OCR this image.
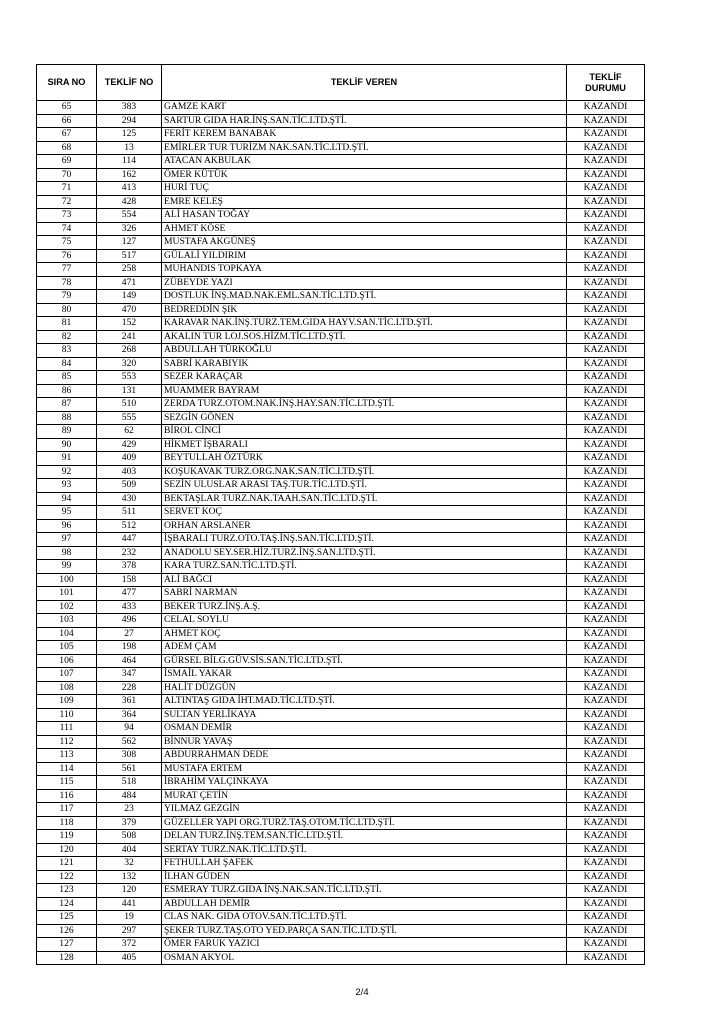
SIRA NO	TEKLİF NO	TEKLİF VEREN	TEKLİF
DURUMU
65	383	GAMZE KART	KAZANDI
66	294	SARTUR GIDA HAR.İNŞ.SAN.TİC.LTD.ŞTİ.	KAZANDI
67	125	FERİT KEREM BANABAK	KAZANDI
68	13	EMİRLER TUR TURİZM NAK.SAN.TİC.LTD.ŞTİ.	KAZANDI
69	114	ATACAN AKBULAK	KAZANDI
70	162	ÖMER KÜTÜK	KAZANDI
71	413	HURİ TUÇ	KAZANDI
72	428	EMRE KELEŞ	KAZANDI
73	554	ALİ HASAN TOĞAY	KAZANDI
74	326	AHMET KÖSE	KAZANDI
75	127	MUSTAFA AKGÜNEŞ	KAZANDI
76	517	GÜLALİ YILDIRIM	KAZANDI
77	258	MUHANDIS TOPKAYA	KAZANDI
78	471	ZÜBEYDE YAZI	KAZANDI
79	149	DOSTLUK İNŞ.MAD.NAK.EML.SAN.TİC.LTD.ŞTİ.	KAZANDI
80	470	BEDREDDİN ŞIK	KAZANDI
81	152	KARAVAR NAK.İNŞ.TURZ.TEM.GIDA HAYV.SAN.TİC.LTD.ŞTİ.	KAZANDI
82	241	AKALIN TUR LOJ.SOS.HİZM.TİC.LTD.ŞTİ.	KAZANDI
83	268	ABDULLAH TÜRKOĞLU	KAZANDI
84	320	SABRİ KARABIYIK	KAZANDI
85	553	SEZER KARAÇAR	KAZANDI
86	131	MUAMMER BAYRAM	KAZANDI
87	510	ZERDA TURZ.OTOM.NAK.İNŞ.HAY.SAN.TİC.LTD.ŞTİ.	KAZANDI
88	555	SEZGİN GÖNEN	KAZANDI
89	62	BİROL CİNCİ	KAZANDI
90	429	HİKMET İŞBARALI	KAZANDI
91	409	BEYTULLAH ÖZTÜRK	KAZANDI
92	403	KOŞUKAVAK TURZ.ORG.NAK.SAN.TİC.LTD.ŞTİ.	KAZANDI
93	509	SEZİN ULUSLAR ARASI TAŞ.TUR.TİC.LTD.ŞTİ.	KAZANDI
94	430	BEKTAŞLAR TURZ.NAK.TAAH.SAN.TİC.LTD.ŞTİ.	KAZANDI
95	511	SERVET KOÇ	KAZANDI
96	512	ORHAN ARSLANER	KAZANDI
97	447	İŞBARALI TURZ.OTO.TAŞ.İNŞ.SAN.TİC.LTD.ŞTİ.	KAZANDI
98	232	ANADOLU SEY.SER.HİZ.TURZ.İNŞ.SAN.LTD.ŞTİ.	KAZANDI
99	378	KARA TURZ.SAN.TİC.LTD.ŞTİ.	KAZANDI
100	158	ALİ BAĞCI	KAZANDI
101	477	SABRİ NARMAN	KAZANDI
102	433	BEKER TURZ.İNŞ.A.Ş.	KAZANDI
103	496	CELAL SOYLU	KAZANDI
104	27	AHMET KOÇ	KAZANDI
105	198	ADEM ÇAM	KAZANDI
106	464	GÜRSEL BİLG.GÜV.SİS.SAN.TİC.LTD.ŞTİ.	KAZANDI
107	347	İSMAİL YAKAR	KAZANDI
108	228	HALİT DÜZGÜN	KAZANDI
109	361	ALTINTAŞ GIDA İHT.MAD.TİC.LTD.ŞTİ.	KAZANDI
110	364	SULTAN YERLİKAYA	KAZANDI
111	94	OSMAN DEMİR	KAZANDI
112	562	BİNNUR YAVAŞ	KAZANDI
113	308	ABDURRAHMAN DEDE	KAZANDI
114	561	MUSTAFA ERTEM	KAZANDI
115	518	İBRAHİM YALÇINKAYA	KAZANDI
116	484	MURAT ÇETİN	KAZANDI
117	23	YILMAZ GEZGİN	KAZANDI
118	379	GÜZELLER YAPI ORG.TURZ.TAŞ.OTOM.TİC.LTD.ŞTİ.	KAZANDI
119	508	DELAN TURZ.İNŞ.TEM.SAN.TİC.LTD.ŞTİ.	KAZANDI
120	404	SERTAY TURZ.NAK.TİC.LTD.ŞTİ.	KAZANDI
121	32	FETHULLAH ŞAFEK	KAZANDI
122	132	İLHAN GÜDEN	KAZANDI
123	120	ESMERAY TURZ.GIDA İNŞ.NAK.SAN.TİC.LTD.ŞTİ.	KAZANDI
124	441	ABDULLAH DEMİR	KAZANDI
125	19	CLAS NAK. GIDA OTOV.SAN.TİC.LTD.ŞTİ.	KAZANDI
126	297	ŞEKER TURZ.TAŞ.OTO YED.PARÇA SAN.TİC.LTD.ŞTİ.	KAZANDI
127	372	ÖMER FARUK YAZICI	KAZANDI
128	405	OSMAN AKYOL	KAZANDI
2/4
